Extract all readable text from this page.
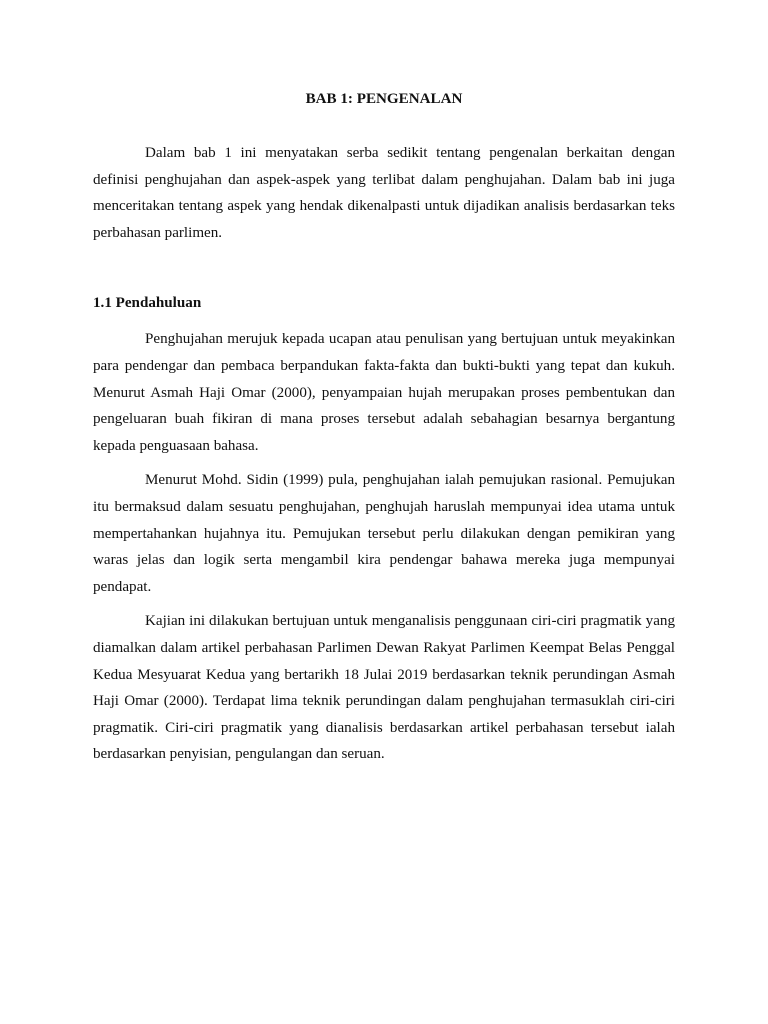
BAB 1: PENGENALAN

Dalam bab 1 ini menyatakan serba sedikit tentang pengenalan berkaitan dengan definisi penghujahan dan aspek-aspek yang terlibat dalam penghujahan. Dalam bab ini juga menceritakan tentang aspek yang hendak dikenalpasti untuk dijadikan analisis berdasarkan teks perbahasan parlimen.

1.1 Pendahuluan

Penghujahan merujuk kepada ucapan atau penulisan yang bertujuan untuk meyakinkan para pendengar dan pembaca berpandukan fakta-fakta dan bukti-bukti yang tepat dan kukuh. Menurut Asmah Haji Omar (2000), penyampaian hujah merupakan proses pembentukan dan pengeluaran buah fikiran di mana proses tersebut adalah sebahagian besarnya bergantung kepada penguasaan bahasa.

Menurut Mohd. Sidin (1999) pula, penghujahan ialah pemujukan rasional. Pemujukan itu bermaksud dalam sesuatu penghujahan, penghujah haruslah mempunyai idea utama untuk mempertahankan hujahnya itu. Pemujukan tersebut perlu dilakukan dengan pemikiran yang waras jelas dan logik serta mengambil kira pendengar bahawa mereka juga mempunyai pendapat.

Kajian ini dilakukan bertujuan untuk menganalisis penggunaan ciri-ciri pragmatik yang diamalkan dalam artikel perbahasan Parlimen Dewan Rakyat Parlimen Keempat Belas Penggal Kedua Mesyuarat Kedua yang bertarikh 18 Julai 2019 berdasarkan teknik perundingan Asmah Haji Omar (2000). Terdapat lima teknik perundingan dalam penghujahan termasuklah ciri-ciri pragmatik. Ciri-ciri pragmatik yang dianalisis berdasarkan artikel perbahasan tersebut ialah berdasarkan penyisian, pengulangan dan seruan.
